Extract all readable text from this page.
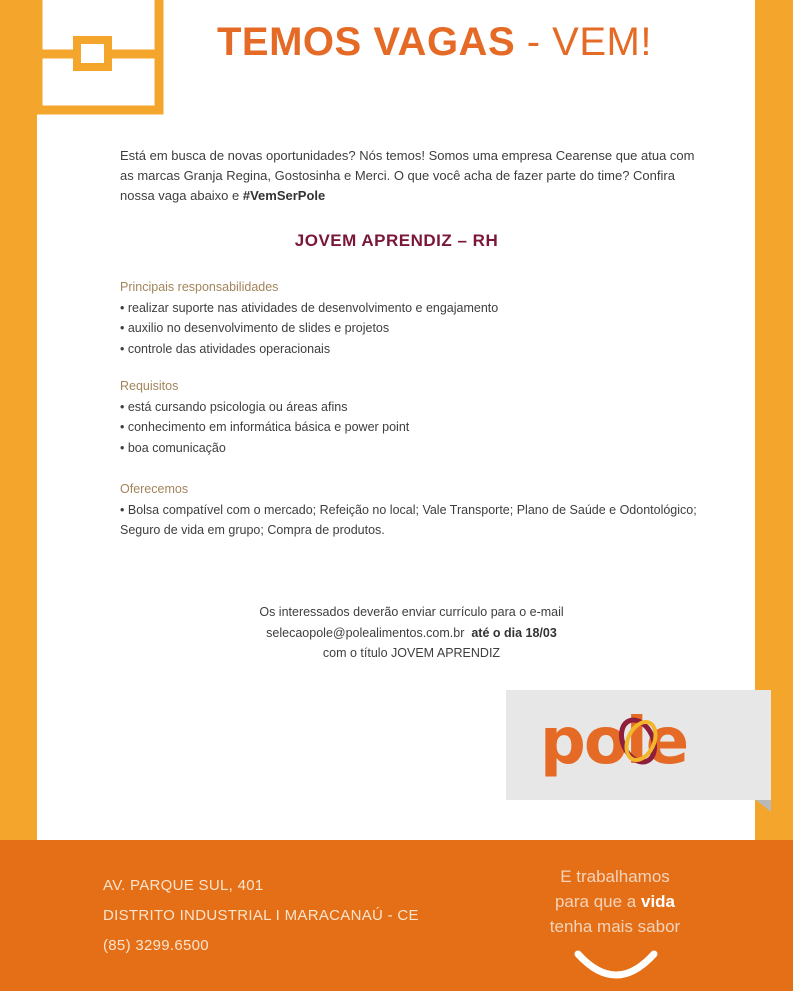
TEMOS VAGAS - VEM!
Está em busca de novas oportunidades? Nós temos! Somos uma empresa Cearense que atua com as marcas Granja Regina, Gostosinha e Merci. O que você acha de fazer parte do time? Confira nossa vaga abaixo e #VemSerPole
JOVEM APRENDIZ – RH
Principais responsabilidades
• realizar suporte nas atividades de desenvolvimento e engajamento
• auxilio no desenvolvimento de slides e projetos
• controle das atividades operacionais
Requisitos
• está cursando psicologia ou áreas afins
• conhecimento em informática básica e power point
• boa comunicação
Oferecemos
• Bolsa compatível com o mercado; Refeição no local; Vale Transporte; Plano de Saúde e Odontológico; Seguro de vida em grupo; Compra de produtos.
Os interessados deverão enviar currículo para o e-mail
selecaopole@polealimentos.com.br até o dia 18/03
com o título JOVEM APRENDIZ
pole
AV. PARQUE SUL, 401
DISTRITO INDUSTRIAL I MARACANAÚ - CE
(85) 3299.6500
E trabalhamos
para que a vida
tenha mais sabor
